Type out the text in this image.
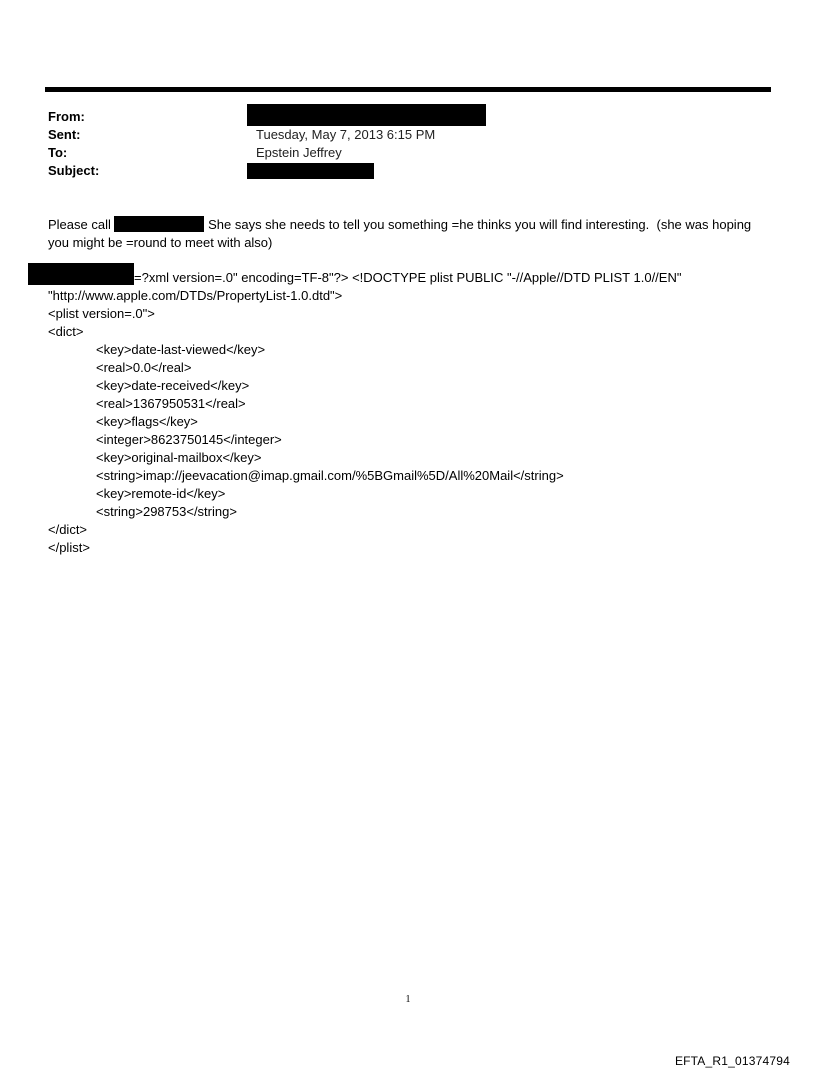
From:
Sent:	Tuesday, May 7, 2013 6:15 PM
To:	Epstein Jeffrey
Subject:
Please call	She says she needs to tell you something =he thinks you will find interesting.  (she was hoping
you might be =round to meet with also)
=?xml version=.0" encoding=TF-8"?> <!DOCTYPE plist PUBLIC "-//Apple//DTD PLIST 1.0//EN"
"http://www.apple.com/DTDs/PropertyList-1.0.dtd">
<plist version=.0">
<dict>
<key>date-last-viewed</key>
<real>0.0</real>
<key>date-received</key>
<real>1367950531</real>
<key>flags</key>
<integer>8623750145</integer>
<key>original-mailbox</key>
<string>imap://jeevacation@imap.gmail.com/%5BGmail%5D/All%20Mail</string>
<key>remote-id</key>
<string>298753</string>
</dict>
</plist>
1
EFTA_R1_01374794
